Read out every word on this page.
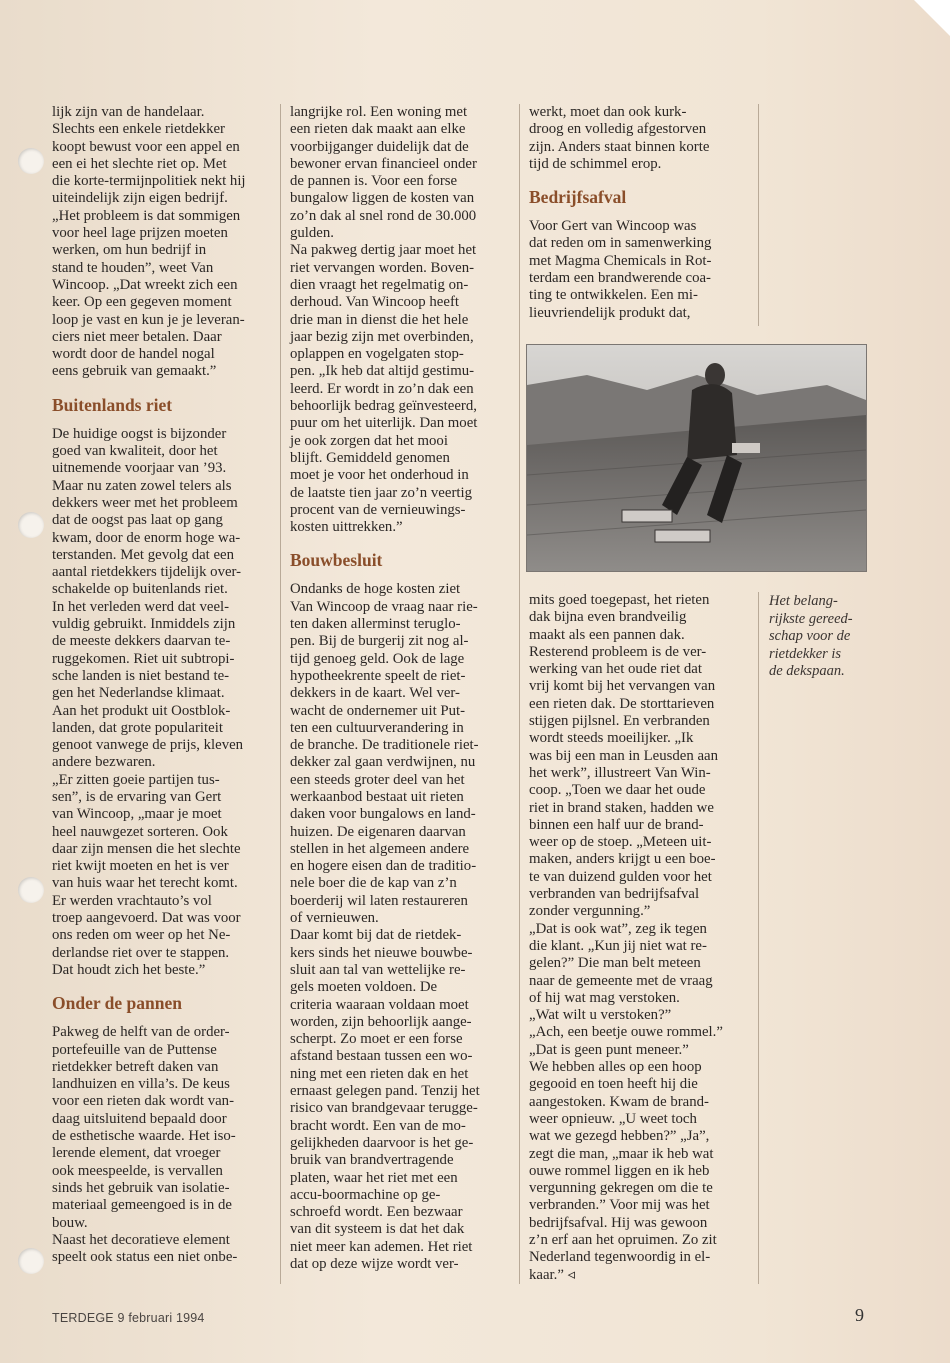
lijk zijn van de handelaar.
Slechts een enkele rietdekker
koopt bewust voor een appel en
een ei het slechte riet op. Met
die korte-termijnpolitiek nekt hij
uiteindelijk zijn eigen bedrijf.
„Het probleem is dat sommigen
voor heel lage prijzen moeten
werken, om hun bedrijf in
stand te houden”, weet Van
Wincoop. „Dat wreekt zich een
keer. Op een gegeven moment
loop je vast en kun je je leveran-
ciers niet meer betalen. Daar
wordt door de handel nogal
eens gebruik van gemaakt.”

Buitenlands riet

De huidige oogst is bijzonder
goed van kwaliteit, door het
uitnemende voorjaar van ’93.
Maar nu zaten zowel telers als
dekkers weer met het probleem
dat de oogst pas laat op gang
kwam, door de enorm hoge wa-
terstanden. Met gevolg dat een
aantal rietdekkers tijdelijk over-
schakelde op buitenlands riet.
In het verleden werd dat veel-
vuldig gebruikt. Inmiddels zijn
de meeste dekkers daarvan te-
ruggekomen. Riet uit subtropi-
sche landen is niet bestand te-
gen het Nederlandse klimaat.
Aan het produkt uit Oostblok-
landen, dat grote populariteit
genoot vanwege de prijs, kleven
andere bezwaren.

„Er zitten goeie partijen tus-
sen”, is de ervaring van Gert
van Wincoop, „maar je moet
heel nauwgezet sorteren. Ook
daar zijn mensen die het slechte
riet kwijt moeten en het is ver
van huis waar het terecht komt.
Er werden vrachtauto’s vol
troep aangevoerd. Dat was voor
ons reden om weer op het Ne-
derlandse riet over te stappen.
Dat houdt zich het beste.”

Onder de pannen

Pakweg de helft van de order-
portefeuille van de Puttense
rietdekker betreft daken van
landhuizen en villa’s. De keus
voor een rieten dak wordt van-
daag uitsluitend bepaald door
de esthetische waarde. Het iso-
lerende element, dat vroeger
ook meespeelde, is vervallen
sinds het gebruik van isolatie-
materiaal gemeengoed is in de
bouw.

Naast het decoratieve element
speelt ook status een niet onbe-

langrijke rol. Een woning met
een rieten dak maakt aan elke
voorbijganger duidelijk dat de
bewoner ervan financieel onder
de pannen is. Voor een forse
bungalow liggen de kosten van
zo’n dak al snel rond de 30.000
gulden.

Na pakweg dertig jaar moet het
riet vervangen worden. Boven-
dien vraagt het regelmatig on-
derhoud. Van Wincoop heeft
drie man in dienst die het hele
jaar bezig zijn met overbinden,
oplappen en vogelgaten stop-
pen. „Ik heb dat altijd gestimu-
leerd. Er wordt in zo’n dak een
behoorlijk bedrag geïnvesteerd,
puur om het uiterlijk. Dan moet
je ook zorgen dat het mooi
blijft. Gemiddeld genomen
moet je voor het onderhoud in
de laatste tien jaar zo’n veertig
procent van de vernieuwings-
kosten uittrekken.”

Bouwbesluit

Ondanks de hoge kosten ziet
Van Wincoop de vraag naar rie-
ten daken allerminst teruglo-
pen. Bij de burgerij zit nog al-
tijd genoeg geld. Ook de lage
hypotheekrente speelt de riet-
dekkers in de kaart. Wel ver-
wacht de ondernemer uit Put-
ten een cultuurverandering in
de branche. De traditionele riet-
dekker zal gaan verdwijnen, nu
een steeds groter deel van het
werkaanbod bestaat uit rieten
daken voor bungalows en land-
huizen. De eigenaren daarvan
stellen in het algemeen andere
en hogere eisen dan de traditio-
nele boer die de kap van z’n
boerderij wil laten restaureren
of vernieuwen.

Daar komt bij dat de rietdek-
kers sinds het nieuwe bouwbe-
sluit aan tal van wettelijke re-
gels moeten voldoen. De
criteria waaraan voldaan moet
worden, zijn behoorlijk aange-
scherpt. Zo moet er een forse
afstand bestaan tussen een wo-
ning met een rieten dak en het
ernaast gelegen pand. Tenzij het
risico van brandgevaar terugge-
bracht wordt. Een van de mo-
gelijkheden daarvoor is het ge-
bruik van brandvertragende
platen, waar het riet met een
accu-boormachine op ge-
schroefd wordt. Een bezwaar
van dit systeem is dat het dak
niet meer kan ademen. Het riet
dat op deze wijze wordt ver-

werkt, moet dan ook kurk-
droog en volledig afgestorven
zijn. Anders staat binnen korte
tijd de schimmel erop.

Bedrijfsafval

Voor Gert van Wincoop was
dat reden om in samenwerking
met Magma Chemicals in Rot-
terdam een brandwerende coa-
ting te ontwikkelen. Een mi-
lieuvriendelijk produkt dat,

mits goed toegepast, het rieten
dak bijna even brandveilig
maakt als een pannen dak.
Resterend probleem is de ver-
werking van het oude riet dat
vrij komt bij het vervangen van
een rieten dak. De storttarieven
stijgen pijlsnel. En verbranden
wordt steeds moeilijker. „Ik
was bij een man in Leusden aan
het werk”, illustreert Van Win-
coop. „Toen we daar het oude
riet in brand staken, hadden we
binnen een half uur de brand-
weer op de stoep. „Meteen uit-
maken, anders krijgt u een boe-
te van duizend gulden voor het
verbranden van bedrijfsafval
zonder vergunning.”

„Dat is ook wat”, zeg ik tegen
die klant. „Kun jij niet wat re-
gelen?” Die man belt meteen
naar de gemeente met de vraag
of hij wat mag verstoken.
„Wat wilt u verstoken?”
„Ach, een beetje ouwe rommel.”
„Dat is geen punt meneer.”
We hebben alles op een hoop
gegooid en toen heeft hij die
aangestoken. Kwam de brand-
weer opnieuw. „U weet toch
wat we gezegd hebben?” „Ja”,
zegt die man, „maar ik heb wat
ouwe rommel liggen en ik heb
vergunning gekregen om die te
verbranden.” Voor mij was het
bedrijfsafval. Hij was gewoon
z’n erf aan het opruimen. Zo zit
Nederland tegenwoordig in el-
kaar.” ◃

Het belang-
rijkste gereed-
schap voor de
rietdekker is
de dekspaan.
TERDEGE 9 februari 1994	9
